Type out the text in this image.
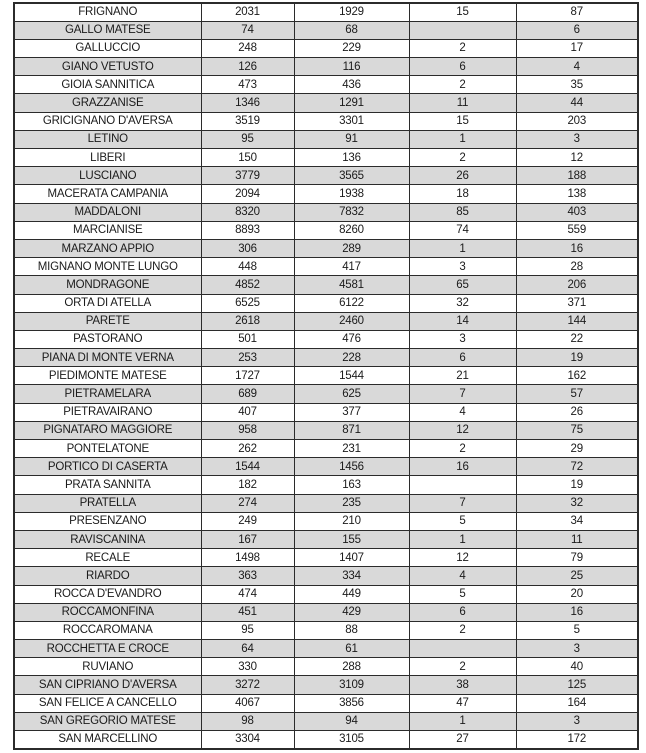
FRIGNANO	2031	1929	15	87
GALLO MATESE	74	68		6
GALLUCCIO	248	229	2	17
GIANO VETUSTO	126	116	6	4
GIOIA SANNITICA	473	436	2	35
GRAZZANISE	1346	1291	11	44
GRICIGNANO D'AVERSA	3519	3301	15	203
LETINO	95	91	1	3
LIBERI	150	136	2	12
LUSCIANO	3779	3565	26	188
MACERATA CAMPANIA	2094	1938	18	138
MADDALONI	8320	7832	85	403
MARCIANISE	8893	8260	74	559
MARZANO APPIO	306	289	1	16
MIGNANO MONTE LUNGO	448	417	3	28
MONDRAGONE	4852	4581	65	206
ORTA DI ATELLA	6525	6122	32	371
PARETE	2618	2460	14	144
PASTORANO	501	476	3	22
PIANA DI MONTE VERNA	253	228	6	19
PIEDIMONTE MATESE	1727	1544	21	162
PIETRAMELARA	689	625	7	57
PIETRAVAIRANO	407	377	4	26
PIGNATARO MAGGIORE	958	871	12	75
PONTELATONE	262	231	2	29
PORTICO DI CASERTA	1544	1456	16	72
PRATA SANNITA	182	163		19
PRATELLA	274	235	7	32
PRESENZANO	249	210	5	34
RAVISCANINA	167	155	1	11
RECALE	1498	1407	12	79
RIARDO	363	334	4	25
ROCCA D'EVANDRO	474	449	5	20
ROCCAMONFINA	451	429	6	16
ROCCAROMANA	95	88	2	5
ROCCHETTA E CROCE	64	61		3
RUVIANO	330	288	2	40
SAN CIPRIANO D'AVERSA	3272	3109	38	125
SAN FELICE A CANCELLO	4067	3856	47	164
SAN GREGORIO MATESE	98	94	1	3
SAN MARCELLINO	3304	3105	27	172
